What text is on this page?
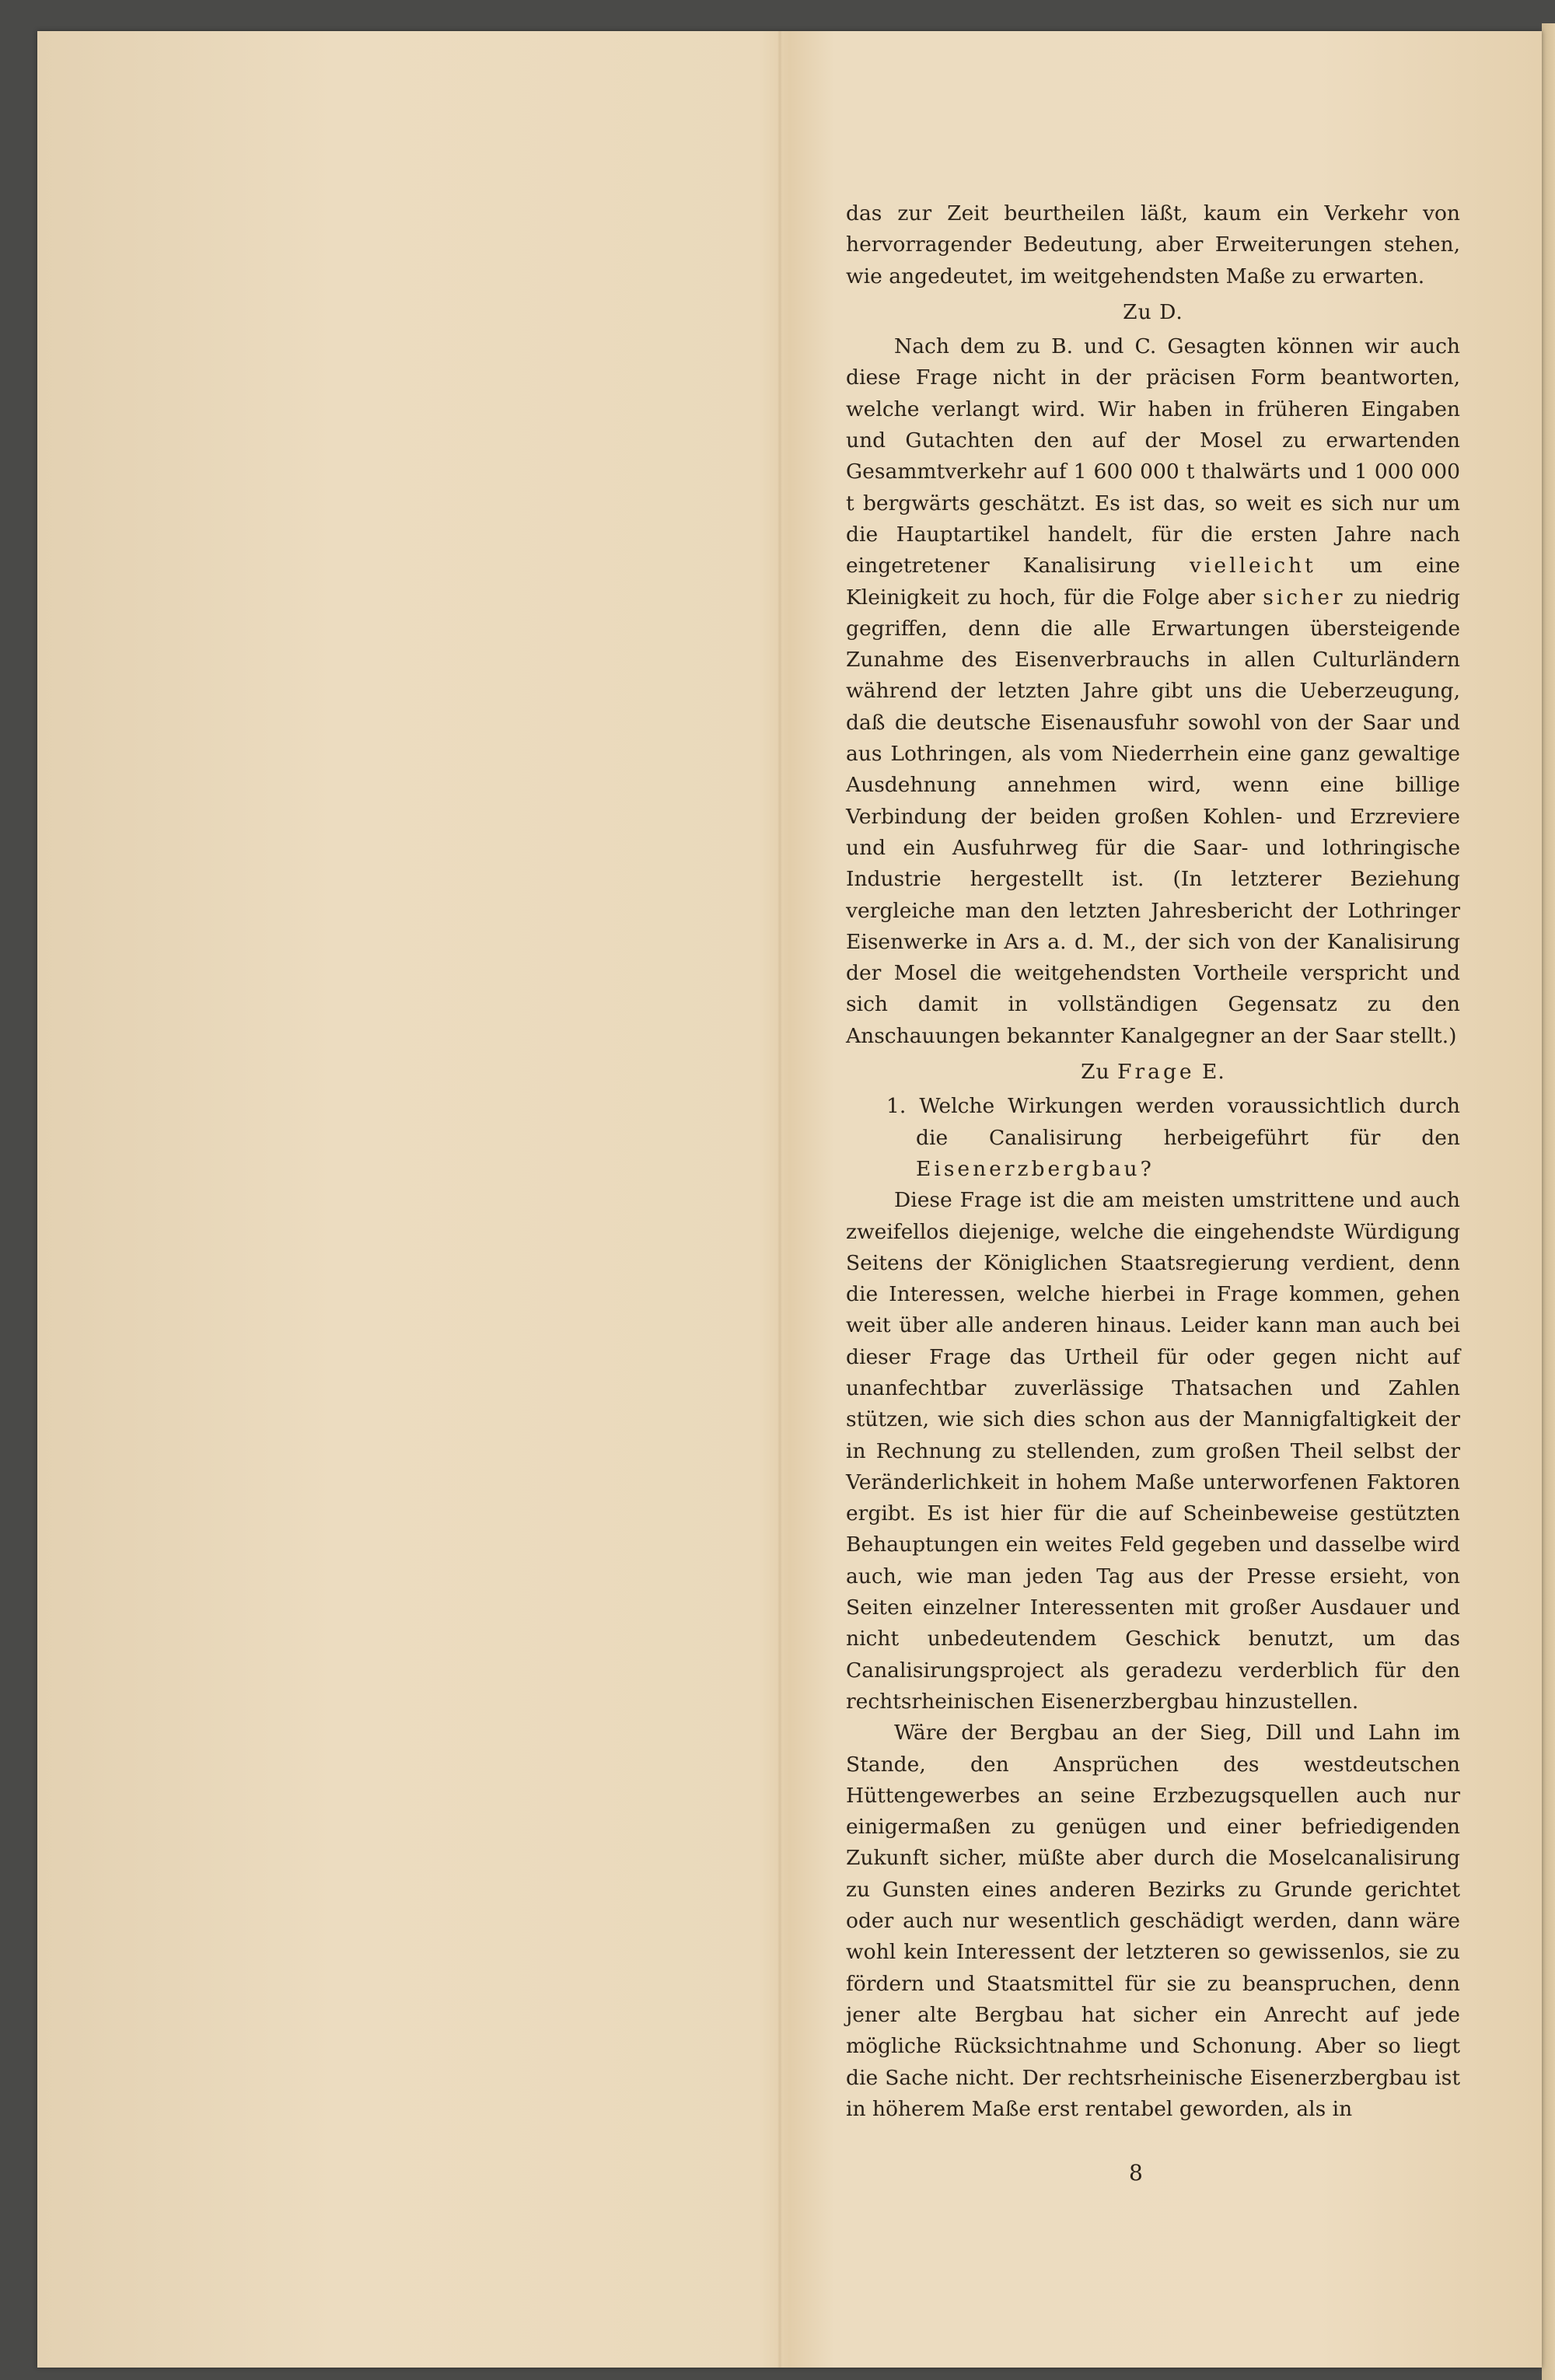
das zur Zeit beurtheilen läßt, kaum ein Verkehr von hervorragender Bedeutung, aber Erweiterungen stehen, wie angedeutet, im weitgehendsten Maße zu erwarten.

Zu D.

Nach dem zu B. und C. Gesagten können wir auch diese Frage nicht in der präcisen Form beantworten, welche verlangt wird. Wir haben in früheren Eingaben und Gutachten den auf der Mosel zu erwartenden Gesammtverkehr auf 1 600 000 t thalwärts und 1 000 000 t bergwärts geschätzt. Es ist das, so weit es sich nur um die Hauptartikel handelt, für die ersten Jahre nach eingetretener Kanalisirung vielleicht um eine Kleinigkeit zu hoch, für die Folge aber sicher zu niedrig gegriffen, denn die alle Erwartungen übersteigende Zunahme des Eisenverbrauchs in allen Culturländern während der letzten Jahre gibt uns die Ueberzeugung, daß die deutsche Eisenausfuhr sowohl von der Saar und aus Lothringen, als vom Niederrhein eine ganz gewaltige Ausdehnung annehmen wird, wenn eine billige Verbindung der beiden großen Kohlen- und Erzreviere und ein Ausfuhrweg für die Saar- und lothringische Industrie hergestellt ist. (In letzterer Beziehung vergleiche man den letzten Jahresbericht der Lothringer Eisenwerke in Ars a. d. M., der sich von der Kanalisirung der Mosel die weitgehendsten Vortheile verspricht und sich damit in vollständigen Gegensatz zu den Anschauungen bekannter Kanalgegner an der Saar stellt.)

Zu Frage E.

1. Welche Wirkungen werden voraussichtlich durch die Canalisirung herbeigeführt für den Eisenerzbergbau?

Diese Frage ist die am meisten umstrittene und auch zweifellos diejenige, welche die eingehendste Würdigung Seitens der Königlichen Staatsregierung verdient, denn die Interessen, welche hierbei in Frage kommen, gehen weit über alle anderen hinaus. Leider kann man auch bei dieser Frage das Urtheil für oder gegen nicht auf unanfechtbar zuverlässige Thatsachen und Zahlen stützen, wie sich dies schon aus der Mannigfaltigkeit der in Rechnung zu stellenden, zum großen Theil selbst der Veränderlichkeit in hohem Maße unterworfenen Faktoren ergibt. Es ist hier für die auf Scheinbeweise gestützten Behauptungen ein weites Feld gegeben und dasselbe wird auch, wie man jeden Tag aus der Presse ersieht, von Seiten einzelner Interessenten mit großer Ausdauer und nicht unbedeutendem Geschick benutzt, um das Canalisirungsproject als geradezu verderblich für den rechtsrheinischen Eisenerzbergbau hinzustellen.

Wäre der Bergbau an der Sieg, Dill und Lahn im Stande, den Ansprüchen des westdeutschen Hüttengewerbes an seine Erzbezugsquellen auch nur einigermaßen zu genügen und einer befriedigenden Zukunft sicher, müßte aber durch die Moselcanalisirung zu Gunsten eines anderen Bezirks zu Grunde gerichtet oder auch nur wesentlich geschädigt werden, dann wäre wohl kein Interessent der letzteren so gewissenlos, sie zu fördern und Staatsmittel für sie zu beanspruchen, denn jener alte Bergbau hat sicher ein Anrecht auf jede mögliche Rücksichtnahme und Schonung. Aber so liegt die Sache nicht. Der rechtsrheinische Eisenerzbergbau ist in höherem Maße erst rentabel geworden, als in

8
